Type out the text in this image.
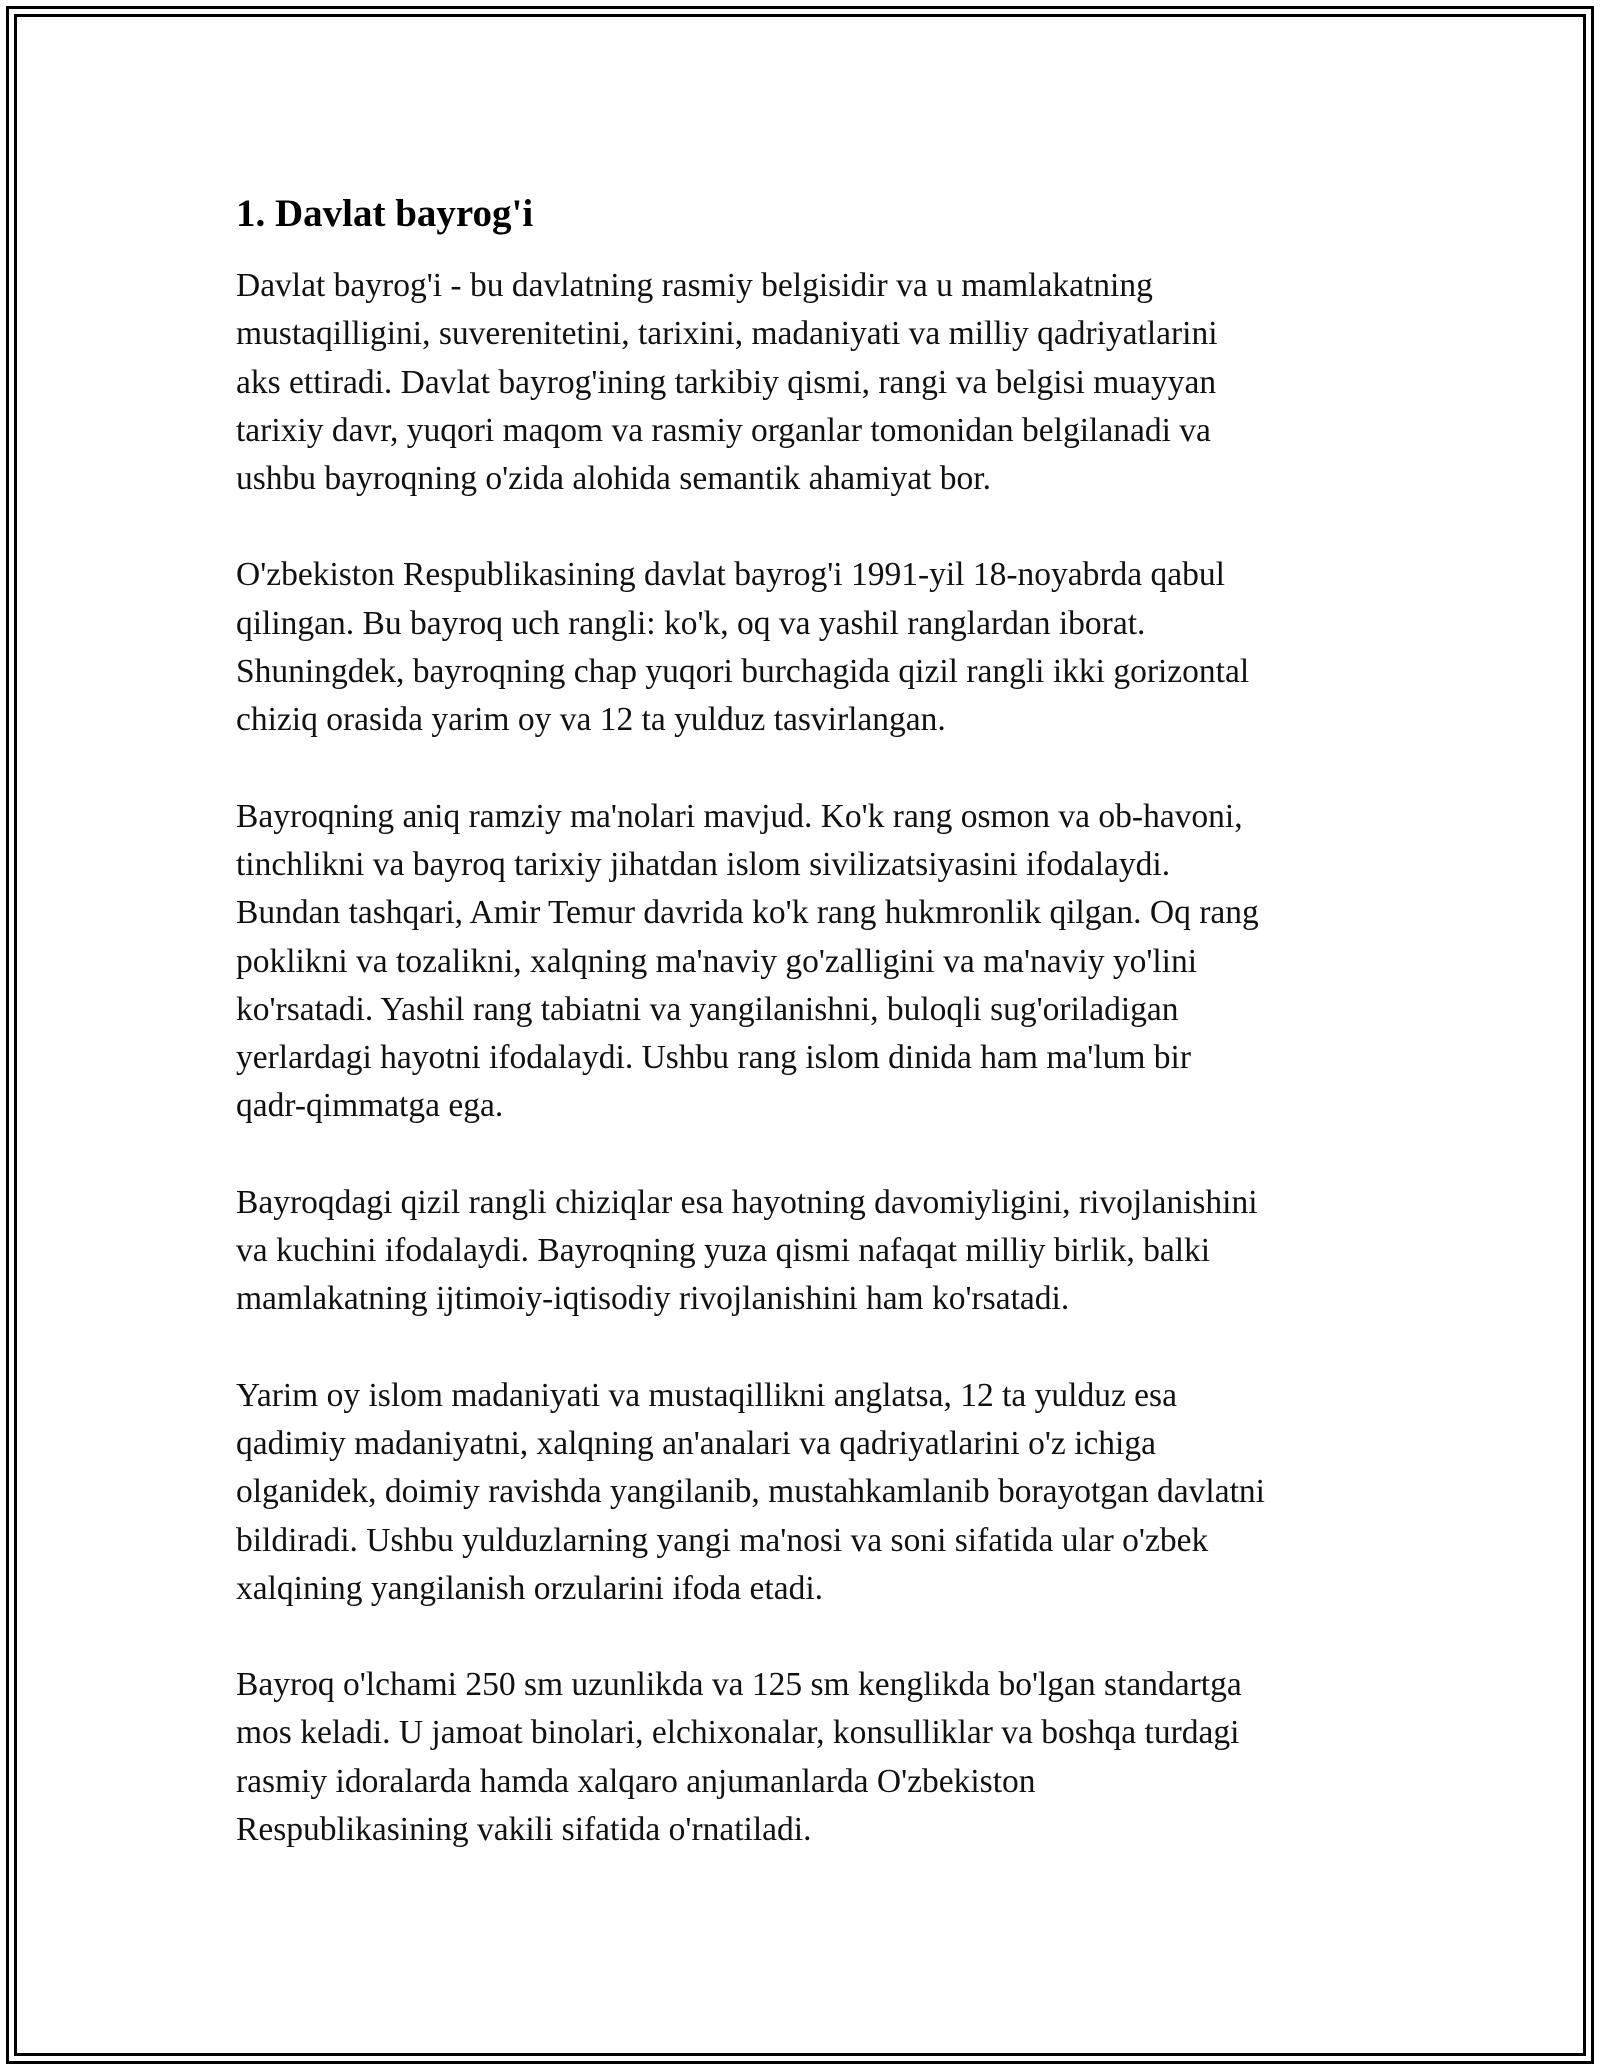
1. Davlat bayrog'i

Davlat bayrog'i - bu davlatning rasmiy belgisidir va u mamlakatning
mustaqilligini, suverenitetini, tarixini, madaniyati va milliy qadriyatlarini
aks ettiradi. Davlat bayrog'ining tarkibiy qismi, rangi va belgisi muayyan
tarixiy davr, yuqori maqom va rasmiy organlar tomonidan belgilanadi va
ushbu bayroqning o'zida alohida semantik ahamiyat bor.

O'zbekiston Respublikasining davlat bayrog'i 1991-yil 18-noyabrda qabul
qilingan. Bu bayroq uch rangli: ko'k, oq va yashil ranglardan iborat.
Shuningdek, bayroqning chap yuqori burchagida qizil rangli ikki gorizontal
chiziq orasida yarim oy va 12 ta yulduz tasvirlangan.

Bayroqning aniq ramziy ma'nolari mavjud. Ko'k rang osmon va ob-havoni,
tinchlikni va bayroq tarixiy jihatdan islom sivilizatsiyasini ifodalaydi.
Bundan tashqari, Amir Temur davrida ko'k rang hukmronlik qilgan. Oq rang
poklikni va tozalikni, xalqning ma'naviy go'zalligini va ma'naviy yo'lini
ko'rsatadi. Yashil rang tabiatni va yangilanishni, buloqli sug'oriladigan
yerlardagi hayotni ifodalaydi. Ushbu rang islom dinida ham ma'lum bir
qadr-qimmatga ega.

Bayroqdagi qizil rangli chiziqlar esa hayotning davomiyligini, rivojlanishini
va kuchini ifodalaydi. Bayroqning yuza qismi nafaqat milliy birlik, balki
mamlakatning ijtimoiy-iqtisodiy rivojlanishini ham ko'rsatadi.

Yarim oy islom madaniyati va mustaqillikni anglatsa, 12 ta yulduz esa
qadimiy madaniyatni, xalqning an'analari va qadriyatlarini o'z ichiga
olganidek, doimiy ravishda yangilanib, mustahkamlanib borayotgan davlatni
bildiradi. Ushbu yulduzlarning yangi ma'nosi va soni sifatida ular o'zbek
xalqining yangilanish orzularini ifoda etadi.

Bayroq o'lchami 250 sm uzunlikda va 125 sm kenglikda bo'lgan standartga
mos keladi. U jamoat binolari, elchixonalar, konsulliklar va boshqa turdagi
rasmiy idoralarda hamda xalqaro anjumanlarda O'zbekiston
Respublikasining vakili sifatida o'rnatiladi.
